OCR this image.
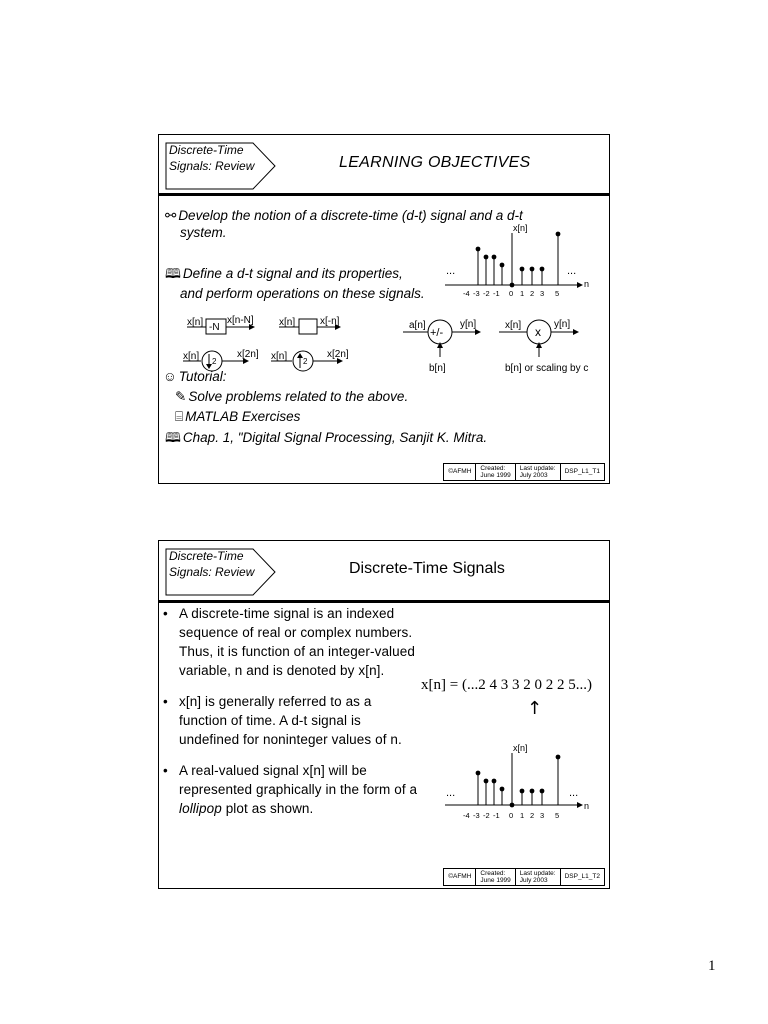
Discrete-Time
Signals: Review	LEARNING OBJECTIVES
⚯ Develop the notion of a discrete-time (d-t) signal and a d-t
system.
🕮 Define a d-t signal and its properties,
and perform operations on these signals.
x[n]
n
...	...
-4 -3 -2 -1 0 1 2 3 5
x[n] -N
x[n-N]	x[n] x[-n]	a[n]
+/-
y[n]
b[n]
x[n] x
y[n]
b[n] or scaling by c
x[n] 2
x[2n] x[n] 2
x[2n]
☺ Tutorial:
✎ Solve problems related to the above.
⌸ MATLAB Exercises
🕮 Chap. 1, "Digital Signal Processing, Sanjit K. Mitra.
©AFMH	Created:
June 1999
Last update:
July 2003
DSP_L1_T1
Discrete-Time
Signals: Review	Discrete-Time Signals
• A discrete-time signal is an indexed sequence of real or complex numbers. Thus, it is function of an integer-valued variable, n and is denoted by x[n].
• x[n] is generally referred to as a function of time. A d-t signal is undefined for noninteger values of n.
• A real-valued signal x[n] will be represented graphically in the form of a lollipop plot as shown.
x[n] = (...2 4 3 3 2 0 2 2 5...)
↑
x[n]
n
...	...
-4 -3 -2 -1 0 1 2 3 5
©AFMH	Created:
June 1999
Last update:
July 2003
DSP_L1_T2
1
